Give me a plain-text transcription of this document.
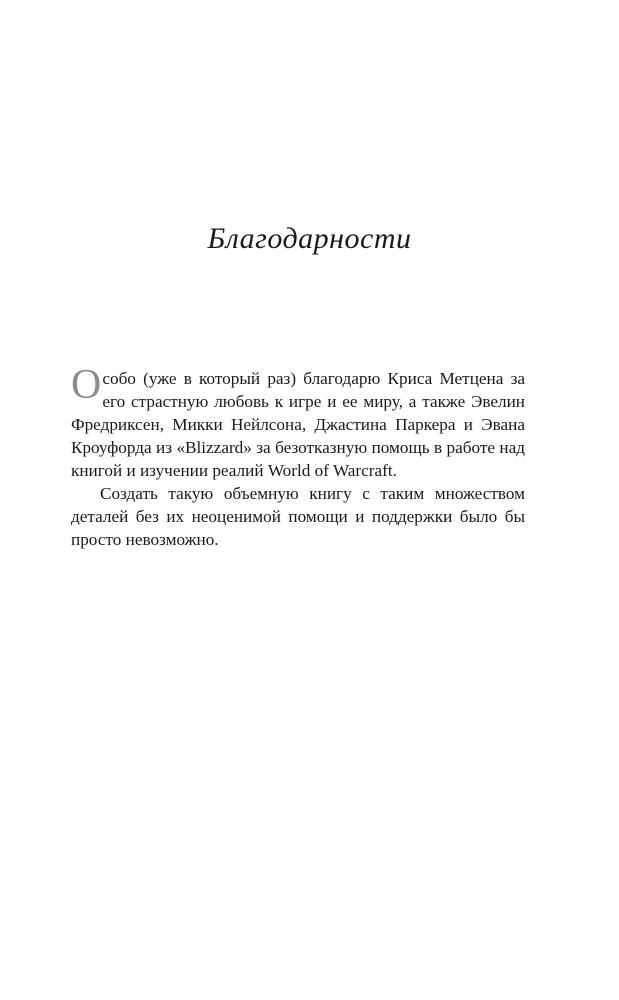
Благодарности

Особо (уже в который раз) благодарю Криса Метцена за его страстную любовь к игре и ее миру, а также Эвелин Фредриксен, Микки Нейлсона, Джастина Паркера и Эвана Кроуфорда из «Blizzard» за безотказную помощь в работе над книгой и изучении реалий World of Warcraft.

Создать такую объемную книгу с таким множеством деталей без их неоценимой помощи и поддержки было бы просто невозможно.
